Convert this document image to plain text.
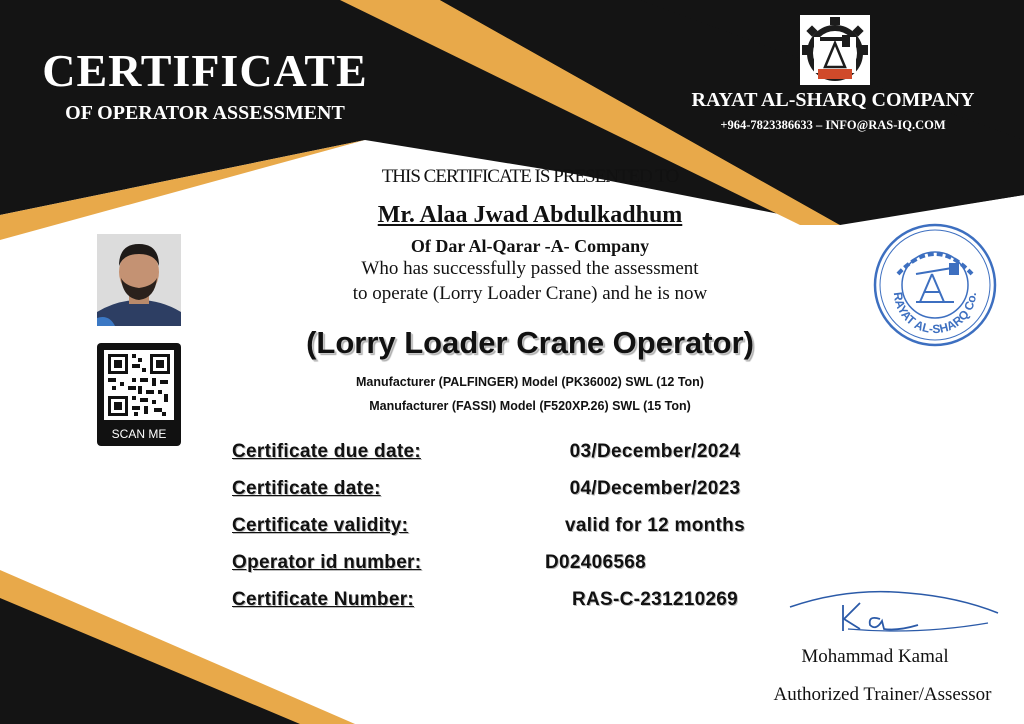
CERTIFICATE
OF OPERATOR ASSESSMENT
RAYAT AL-SHARQ COMPANY
+964-7823386633 – INFO@RAS-IQ.COM
THIS CERTIFICATE IS PRESENTED TO
Mr. Alaa Jwad Abdulkadhum
Of Dar Al-Qarar -A- Company
Who has successfully passed the assessment
to operate (Lorry Loader Crane) and he is now
(Lorry Loader Crane Operator)
Manufacturer (PALFINGER) Model (PK36002) SWL (12 Ton)
Manufacturer (FASSI) Model (F520XP.26) SWL (15 Ton)
SCAN ME
RAYAT AL-SHARQ Co.
Certificate due date:	03/December/2024
Certificate date:	04/December/2023
Certificate validity:	valid for 12 months
Operator id number:	D02406568
Certificate Number:	RAS-C-231210269
Mohammad Kamal
Authorized Trainer/Assessor
